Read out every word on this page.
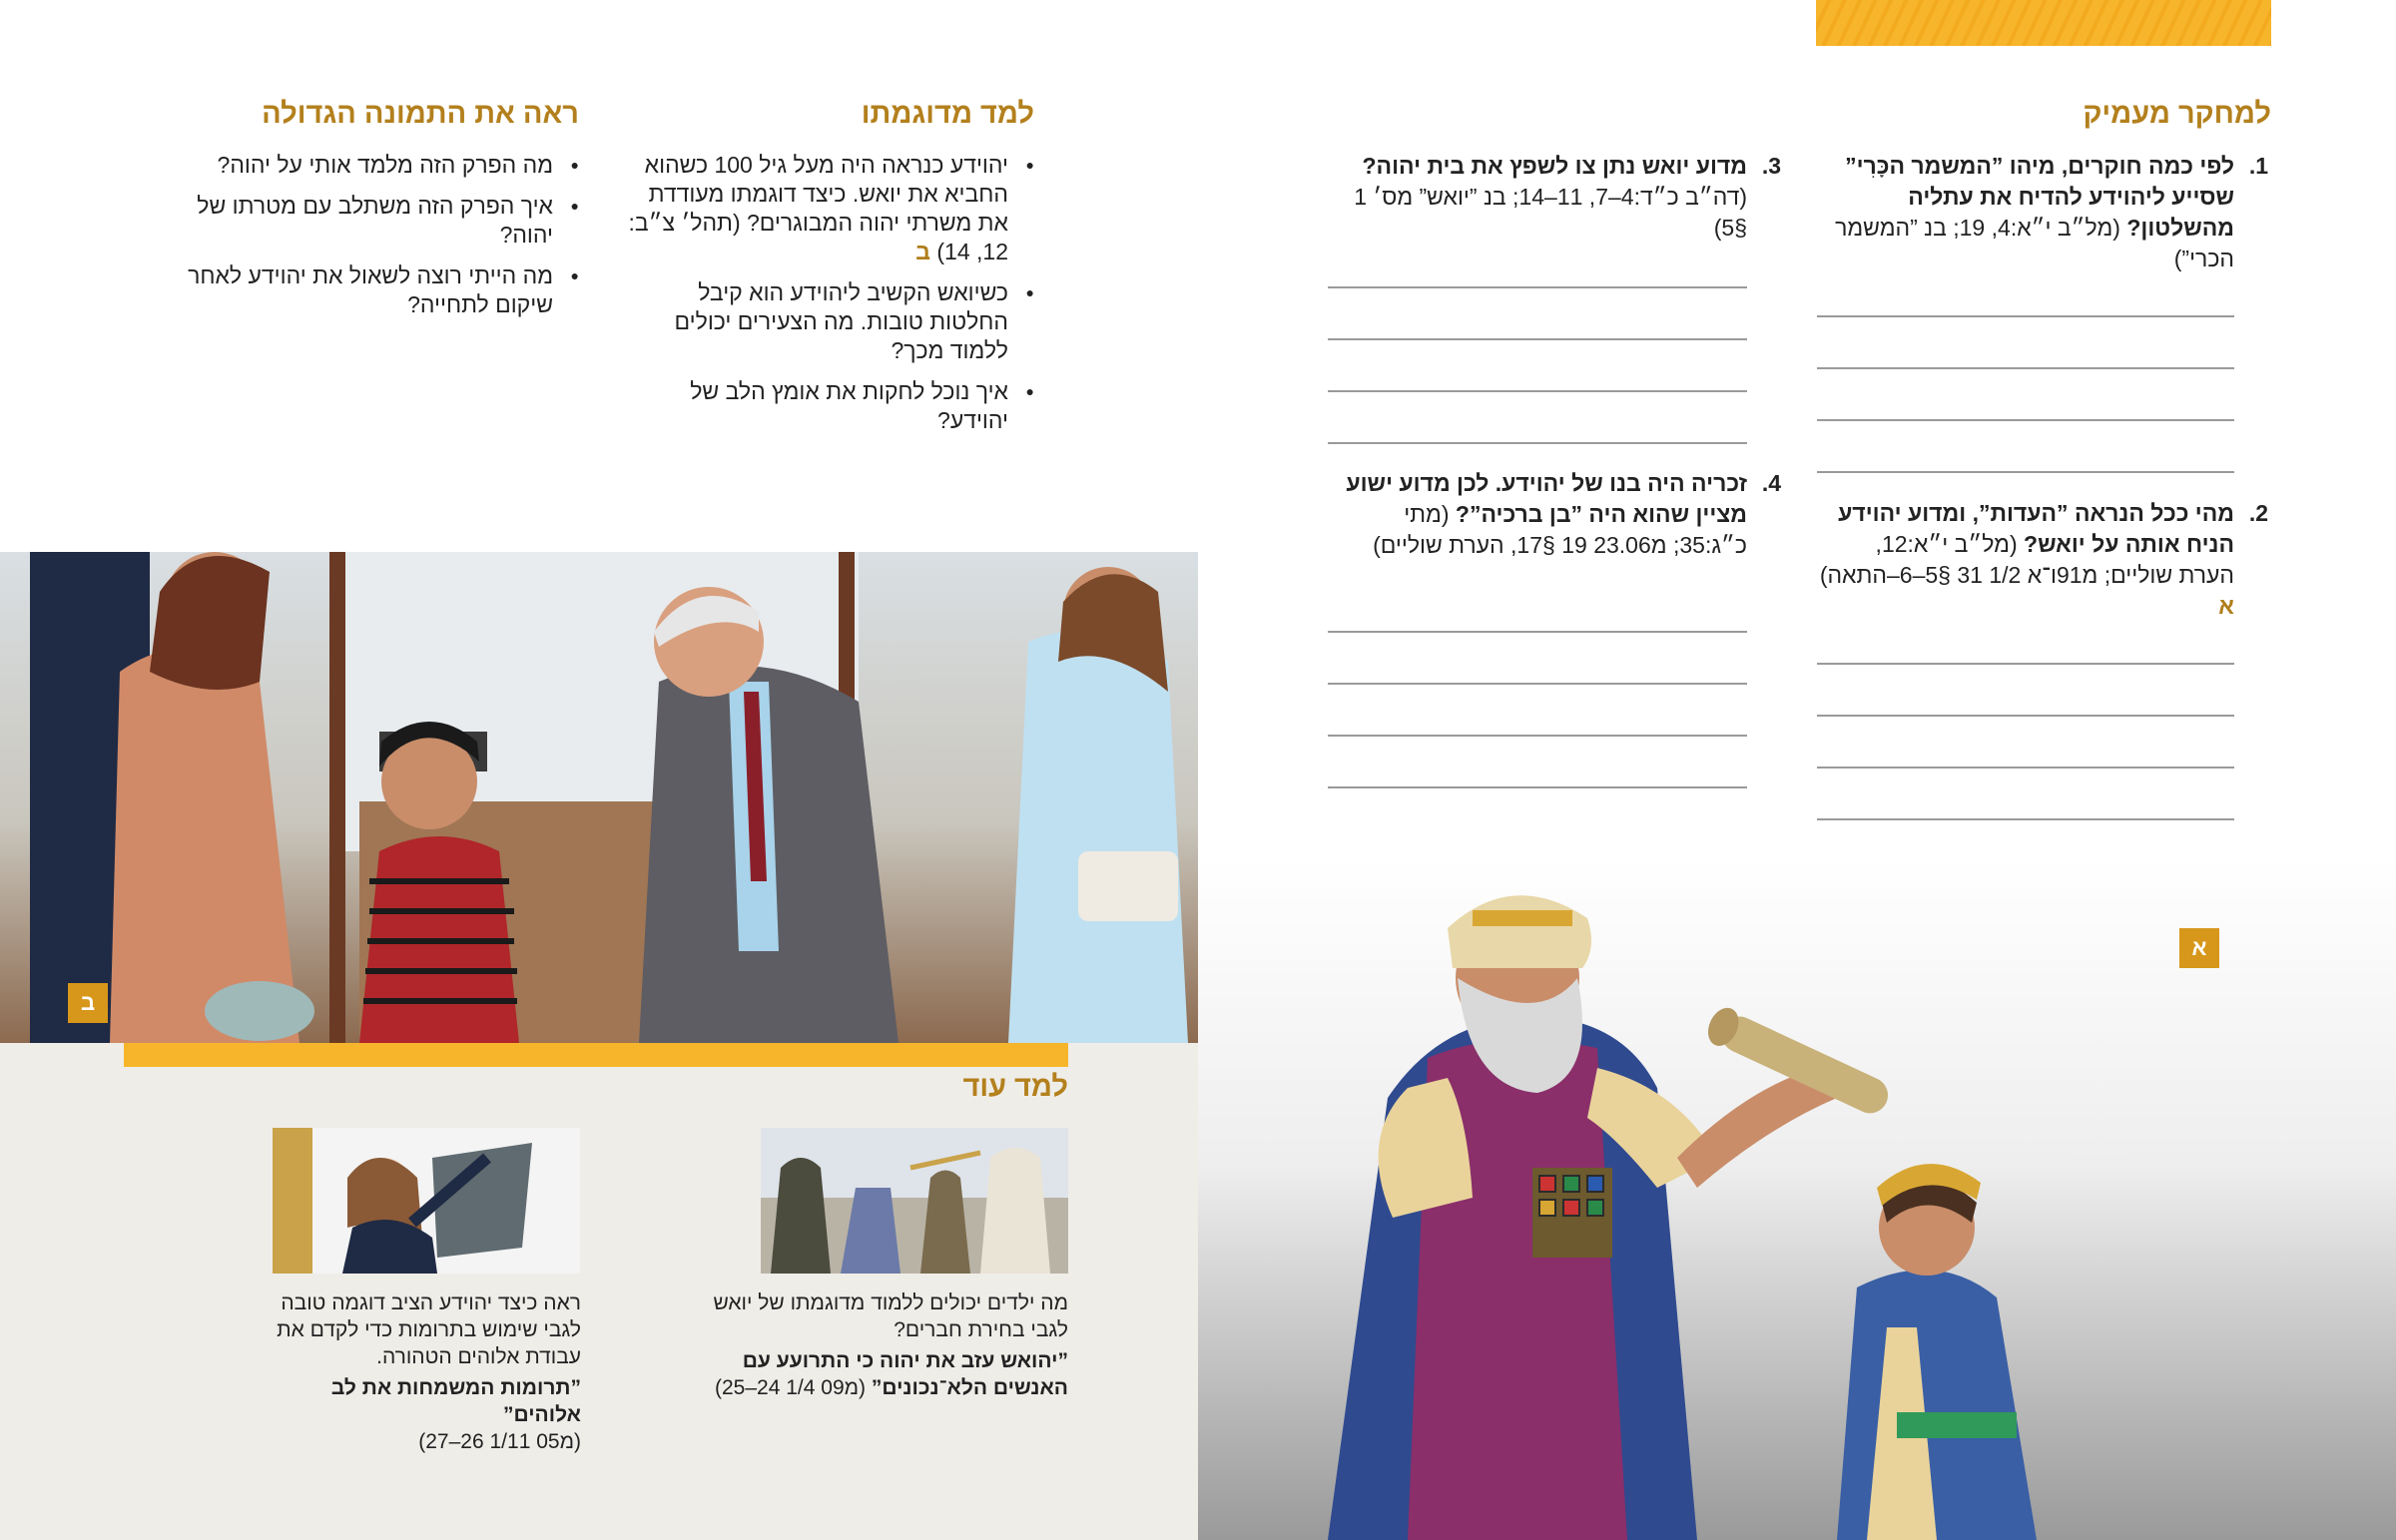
למחקר מעמיק
1.
לפי כמה חוקרים, מיהו ”המשמר הכָּרִי” שסייע ליהוידע להדיח את עתליה מהשלטון? (מל״ב י״א:4, 19; בנ ”המשמר הכרי”)
2.
מהי ככל הנראה ”העדות”, ומדוע יהוידע הניח אותה על יואש? (מל״ב י״א:12, הערת שוליים; מ91ו־א 1/2 31 §5–6–התאה) א
3.
מדוע יואש נתן צו לשפץ את בית יהוה? (דה״ב כ״ד:4–7, 11–14; בנ ”יואש” מס׳ 1 §5)
4.
זכריה היה בנו של יהוידע. לכן מדוע ישוע מציין שהוא היה ”בן ברכיה”? (מתי כ״ג:35; מ23.06 19 §17, הערת שוליים)
א
למד מדוגמתו
● יהוידע כנראה היה מעל גיל 100 כשהוא החביא את יואש. כיצד דוגמתו מעודדת את משרתי יהוה המבוגרים? (תהל׳ צ״ב: 12, 14) ב
● כשיואש הקשיב ליהוידע הוא קיבל החלטות טובות. מה הצעירים יכולים ללמוד מכך?
● איך נוכל לחקות את אומץ הלב של יהוידע?
ראה את התמונה הגדולה
● מה הפרק הזה מלמד אותי על יהוה?
● איך הפרק הזה משתלב עם מטרתו של יהוה?
● מה הייתי רוצה לשאול את יהוידע לאחר שיקום לתחייה?
ב
למד עוד
מה ילדים יכולים ללמוד מדוגמתו של יואש לגבי בחירת חברים?
”יהואש עזב את יהוה כי התרועע עם האנשים הלא־נכונים” (מ09 1/4 24–25)
ראה כיצד יהוידע הציב דוגמה טובה לגבי שימוש בתרומות כדי לקדם את עבודת אלוהים הטהורה.
”תרומות המשמחות את לב אלוהים”
(מ05 1/11 26–27)
